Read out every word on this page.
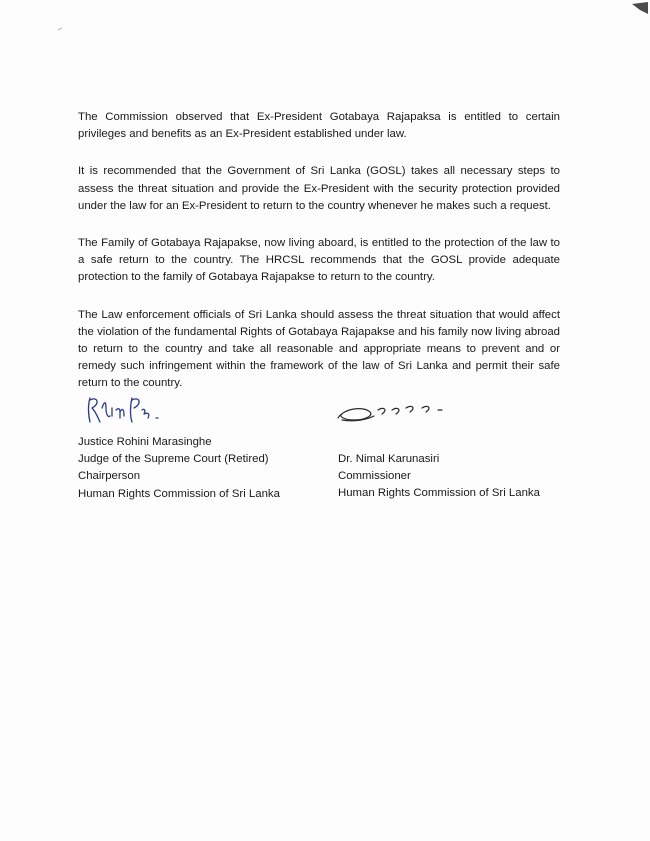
The Commission observed that Ex-President Gotabaya Rajapaksa is entitled to certain privileges and benefits as an Ex-President established under law.

It is recommended that the Government of Sri Lanka (GOSL) takes all necessary steps to assess the threat situation and provide the Ex-President with the security protection provided under the law for an Ex-President to return to the country whenever he makes such a request.

The Family of Gotabaya Rajapakse, now living aboard, is entitled to the protection of the law to a safe return to the country. The HRCSL recommends that the GOSL provide adequate protection to the family of Gotabaya Rajapakse to return to the country.

The Law enforcement officials of Sri Lanka should assess the threat situation that would affect the violation of the fundamental Rights of Gotabaya Rajapakse and his family now living abroad to return to the country and take all reasonable and appropriate means to prevent and or remedy such infringement within the framework of the law of Sri Lanka and permit their safe return to the country.

Justice Rohini Marasinghe
Judge of the Supreme Court (Retired)
Chairperson
Human Rights Commission of Sri Lanka
Dr. Nimal Karunasiri
Commissioner
Human Rights Commission of Sri Lanka
